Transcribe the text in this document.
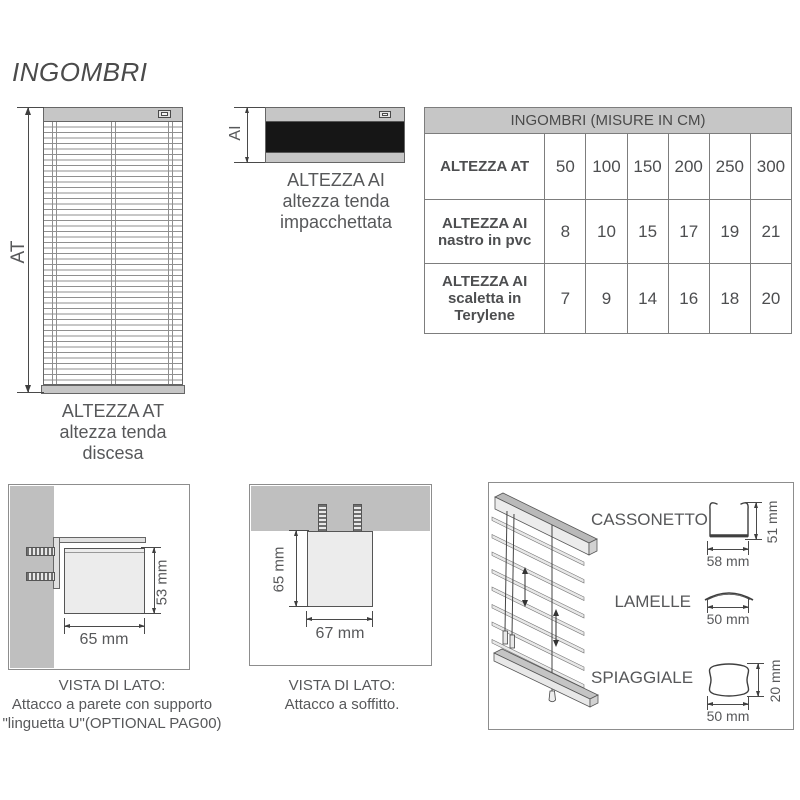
INGOMBRI
AT
ALTEZZA AT
altezza tenda
discesa
AI
ALTEZZA AI
altezza tenda
impacchettata
INGOMBRI (MISURE IN CM)						

ALTEZZA AT	50	100	150	200	250	300

ALTEZZA AI
nastro in pvc	8	10	15	17	19	21

ALTEZZA AI
scaletta in
Terylene	7	9	14	16	18	20
53 mm
65 mm
VISTA DI LATO:
Attacco a parete con supporto
"linguetta U"(OPTIONAL PAG00)
65 mm
67 mm
VISTA DI LATO:
Attacco a soffitto.
CASSONETTO	51 mm
58 mm
LAMELLE
50 mm
SPIAGGIALE	20 mm
50 mm
